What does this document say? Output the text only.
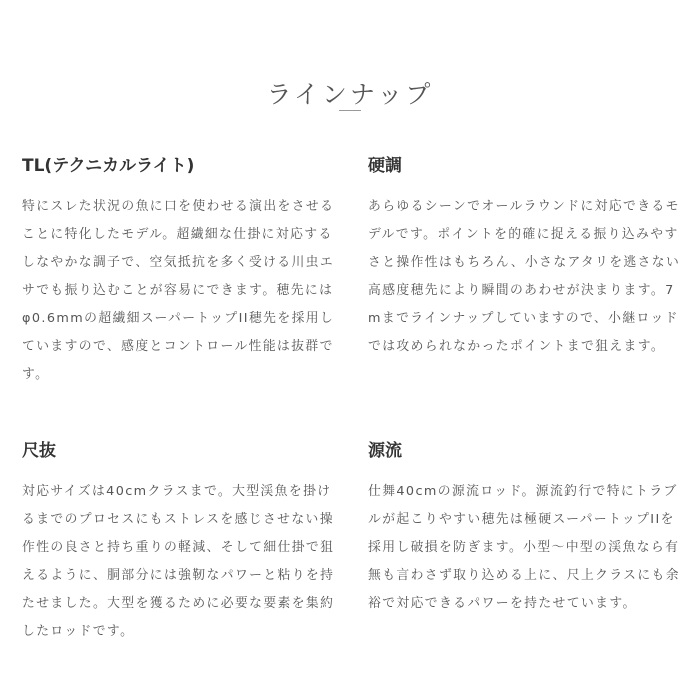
ラインナップ
TL(テクニカルライト)

特にスレた状況の魚に口を使わせる演出をさせることに特化したモデル。超繊細な仕掛に対応するしなやかな調子で、空気抵抗を多く受ける川虫エサでも振り込むことが容易にできます。穂先にはφ0.6mmの超繊細スーパートップII穂先を採用していますので、感度とコントロール性能は抜群です。

硬調

あらゆるシーンでオールラウンドに対応できるモデルです。ポイントを的確に捉える振り込みやすさと操作性はもちろん、小さなアタリを逃さない高感度穂先により瞬間のあわせが決まります。7mまでラインナップしていますので、小継ロッドでは攻められなかったポイントまで狙えます。

尺抜

対応サイズは40cmクラスまで。大型渓魚を掛けるまでのプロセスにもストレスを感じさせない操作性の良さと持ち重りの軽減、そして細仕掛で狙えるように、胴部分には強靭なパワーと粘りを持たせました。大型を獲るために必要な要素を集約したロッドです。

源流

仕舞40cmの源流ロッド。源流釣行で特にトラブルが起こりやすい穂先は極硬スーパートップIIを採用し破損を防ぎます。小型〜中型の渓魚なら有無も言わさず取り込める上に、尺上クラスにも余裕で対応できるパワーを持たせています。
